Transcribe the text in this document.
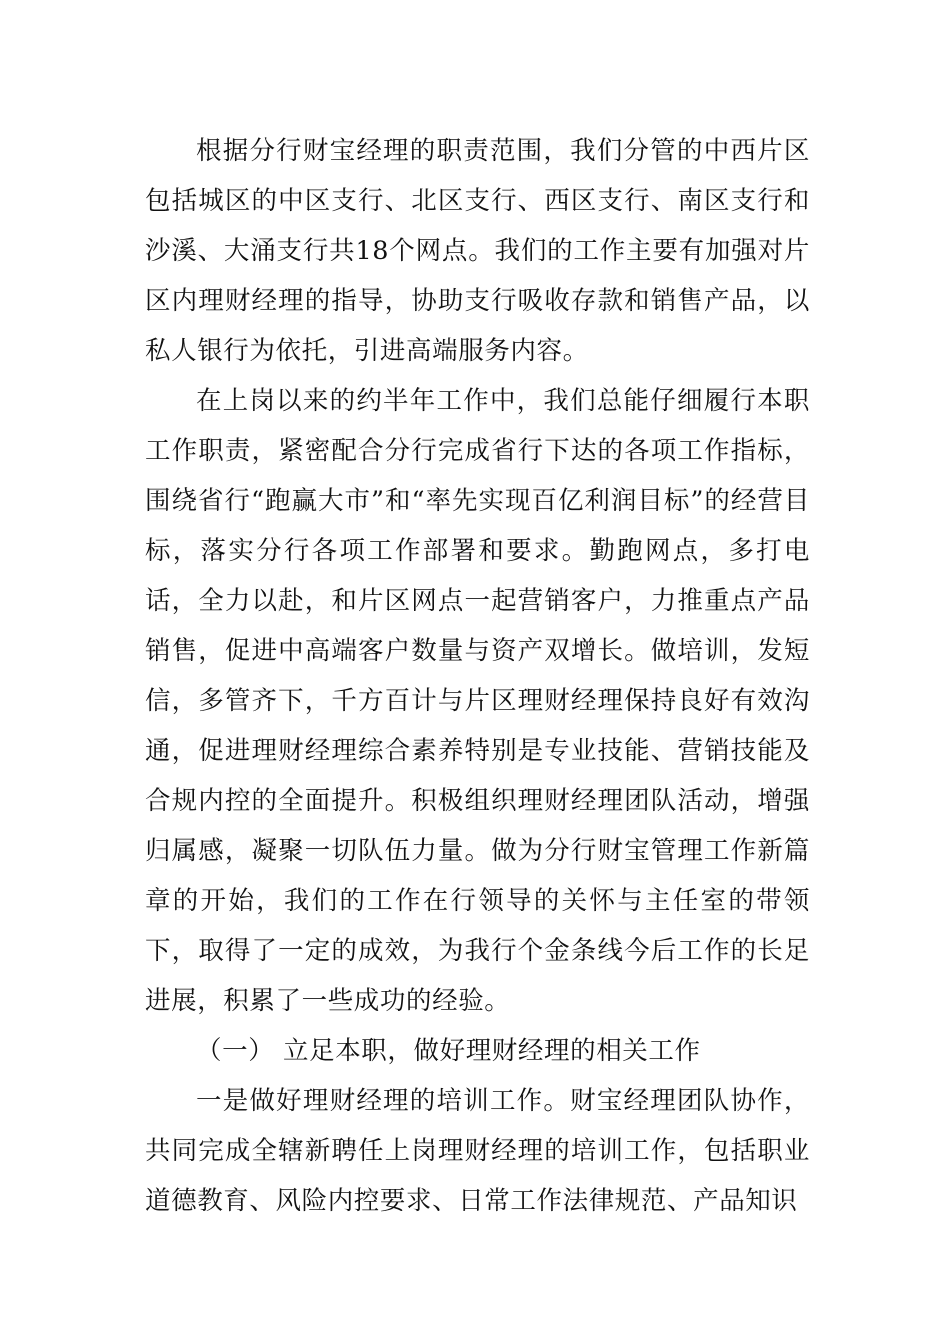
根据分行财宝经理的职责范围，我们分管的中西片区包括城区的中区支行、北区支行、西区支行、南区支行和沙溪、大涌支行共18个网点。我们的工作主要有加强对片区内理财经理的指导，协助支行吸收存款和销售产品，以私人银行为依托，引进高端服务内容。

在上岗以来的约半年工作中，我们总能仔细履行本职工作职责，紧密配合分行完成省行下达的各项工作指标，围绕省行“跑赢大市”和“率先实现百亿利润目标”的经营目标，落实分行各项工作部署和要求。勤跑网点，多打电话，全力以赴，和片区网点一起营销客户，力推重点产品销售，促进中高端客户数量与资产双增长。做培训，发短信，多管齐下，千方百计与片区理财经理保持良好有效沟通，促进理财经理综合素养特别是专业技能、营销技能及合规内控的全面提升。积极组织理财经理团队活动，增强归属感，凝聚一切队伍力量。做为分行财宝管理工作新篇章的开始，我们的工作在行领导的关怀与主任室的带领下，取得了一定的成效，为我行个金条线今后工作的长足进展，积累了一些成功的经验。

（一） 立足本职，做好理财经理的相关工作

一是做好理财经理的培训工作。财宝经理团队协作，共同完成全辖新聘任上岗理财经理的培训工作，包括职业道德教育、风险内控要求、日常工作法律规范、产品知识
